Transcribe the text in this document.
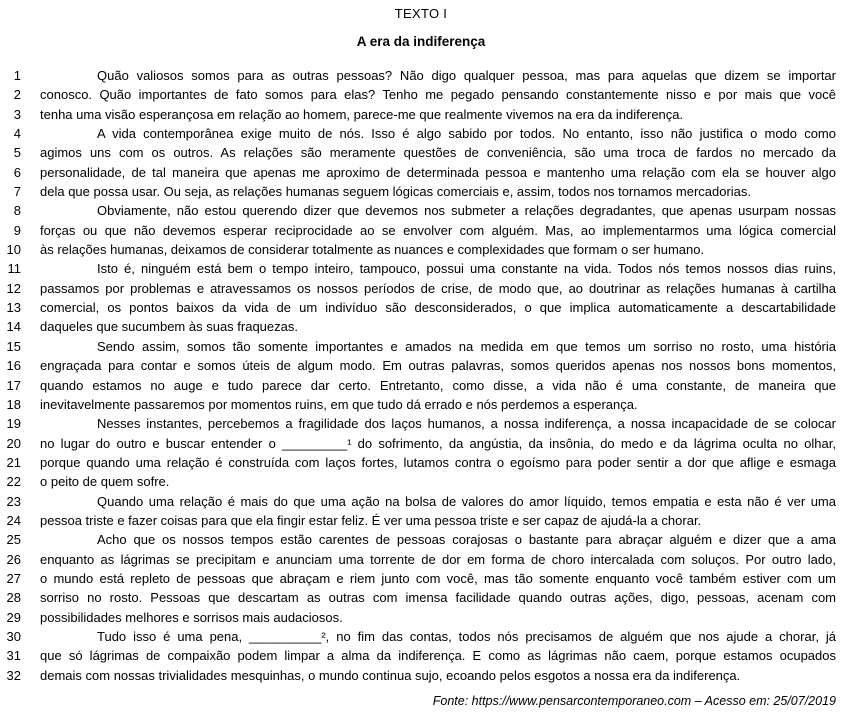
TEXTO I
A era da indiferença
1	Quão valiosos somos para as outras pessoas? Não digo qualquer pessoa, mas para aquelas que dizem se importar
2 conosco. Quão importantes de fato somos para elas? Tenho me pegado pensando constantemente nisso e por mais que você
3 tenha uma visão esperançosa em relação ao homem, parece-me que realmente vivemos na era da indiferença.
4	A vida contemporânea exige muito de nós. Isso é algo sabido por todos. No entanto, isso não justifica o modo como
5 agimos uns com os outros. As relações são meramente questões de conveniência, são uma troca de fardos no mercado da
6 personalidade, de tal maneira que apenas me aproximo de determinada pessoa e mantenho uma relação com ela se houver algo
7 dela que possa usar. Ou seja, as relações humanas seguem lógicas comerciais e, assim, todos nos tornamos mercadorias.
8	Obviamente, não estou querendo dizer que devemos nos submeter a relações degradantes, que apenas usurpam nossas
9 forças ou que não devemos esperar reciprocidade ao se envolver com alguém. Mas, ao implementarmos uma lógica comercial
10 às relações humanas, deixamos de considerar totalmente as nuances e complexidades que formam o ser humano.
11	Isto é, ninguém está bem o tempo inteiro, tampouco, possui uma constante na vida. Todos nós temos nossos dias ruins,
12 passamos por problemas e atravessamos os nossos períodos de crise, de modo que, ao doutrinar as relações humanas à cartilha
13 comercial, os pontos baixos da vida de um indivíduo são desconsiderados, o que implica automaticamente a descartabilidade
14 daqueles que sucumbem às suas fraquezas.
15	Sendo assim, somos tão somente importantes e amados na medida em que temos um sorriso no rosto, uma história
16 engraçada para contar e somos úteis de algum modo. Em outras palavras, somos queridos apenas nos nossos bons momentos,
17 quando estamos no auge e tudo parece dar certo. Entretanto, como disse, a vida não é uma constante, de maneira que
18 inevitavelmente passaremos por momentos ruins, em que tudo dá errado e nós perdemos a esperança.
19	Nesses instantes, percebemos a fragilidade dos laços humanos, a nossa indiferença, a nossa incapacidade de se colocar
20 no lugar do outro e buscar entender o _________¹ do sofrimento, da angústia, da insônia, do medo e da lágrima oculta no olhar,
21 porque quando uma relação é construída com laços fortes, lutamos contra o egoísmo para poder sentir a dor que aflige e esmaga
22 o peito de quem sofre.
23	Quando uma relação é mais do que uma ação na bolsa de valores do amor líquido, temos empatia e esta não é ver uma
24 pessoa triste e fazer coisas para que ela fingir estar feliz. É ver uma pessoa triste e ser capaz de ajudá-la a chorar.
25	Acho que os nossos tempos estão carentes de pessoas corajosas o bastante para abraçar alguém e dizer que a ama
26 enquanto as lágrimas se precipitam e anunciam uma torrente de dor em forma de choro intercalada com soluços. Por outro lado,
27 o mundo está repleto de pessoas que abraçam e riem junto com você, mas tão somente enquanto você também estiver com um
28 sorriso no rosto. Pessoas que descartam as outras com imensa facilidade quando outras ações, digo, pessoas, acenam com
29 possibilidades melhores e sorrisos mais audaciosos.
30	Tudo isso é uma pena, __________², no fim das contas, todos nós precisamos de alguém que nos ajude a chorar, já
31 que só lágrimas de compaixão podem limpar a alma da indiferença. E como as lágrimas não caem, porque estamos ocupados
32 demais com nossas trivialidades mesquinhas, o mundo continua sujo, ecoando pelos esgotos a nossa era da indiferença.
Fonte: https://www.pensarcontemporaneo.com – Acesso em: 25/07/2019
